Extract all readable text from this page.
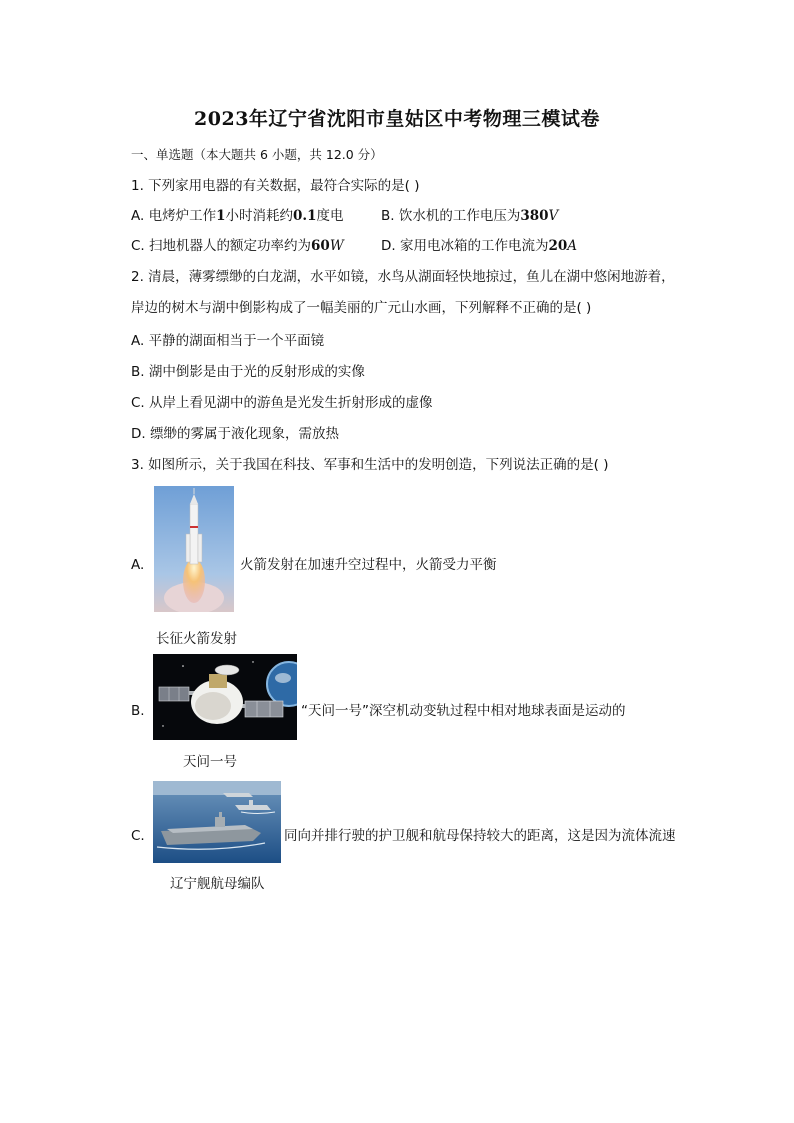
2023年辽宁省沈阳市皇姑区中考物理三模试卷
一、单选题（本大题共 6 小题，共 12.0 分）
1. 下列家用电器的有关数据，最符合实际的是( )
A. 电烤炉工作1小时消耗约0.1度电	B. 饮水机的工作电压为380V
C. 扫地机器人的额定功率约为60W	D. 家用电冰箱的工作电流为20A
2. 清晨，薄雾缥缈的白龙湖，水平如镜，水鸟从湖面轻快地掠过，鱼儿在湖中悠闲地游着，
岸边的树木与湖中倒影构成了一幅美丽的广元山水画，下列解释不正确的是( )
A. 平静的湖面相当于一个平面镜
B. 湖中倒影是由于光的反射形成的实像
C. 从岸上看见湖中的游鱼是光发生折射形成的虚像
D. 缥缈的雾属于液化现象，需放热
3. 如图所示，关于我国在科技、军事和生活中的发明创造，下列说法正确的是( )
A.	火箭发射在加速升空过程中，火箭受力平衡
长征火箭发射
B.	“天问一号”深空机动变轨过程中相对地球表面是运动的
天问一号
C.	同向并排行驶的护卫舰和航母保持较大的距离，这是因为流体流速
辽宁舰航母编队
